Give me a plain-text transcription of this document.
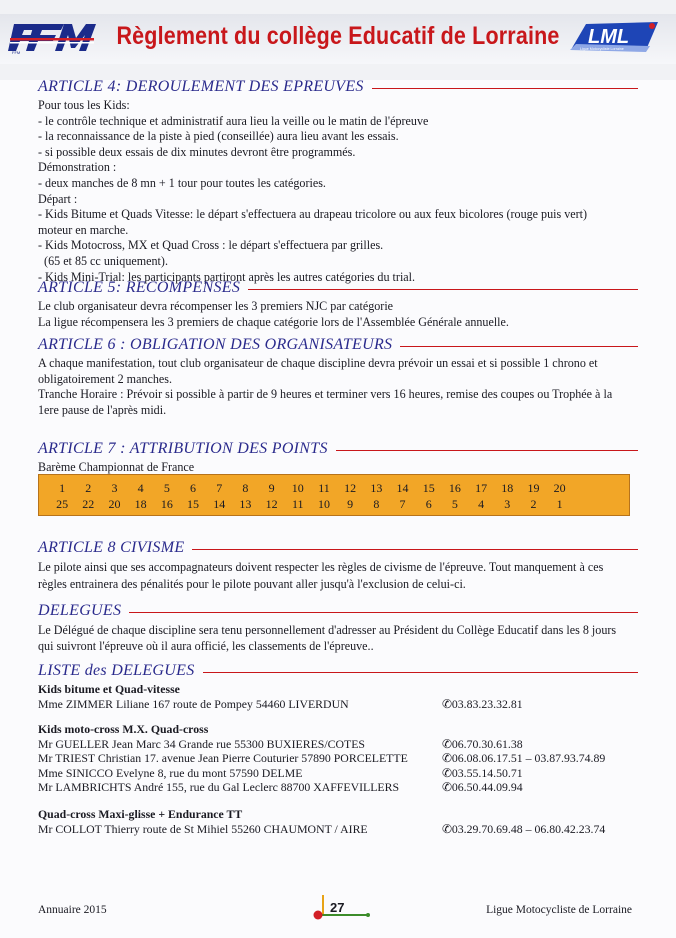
FFM
Règlement du collège Educatif de Lorraine	LML
Ligue Motocycliste Lorraine
ARTICLE 4: DEROULEMENT DES EPREUVES
Pour tous les Kids:
- le contrôle technique et administratif aura lieu la veille ou le matin de l'épreuve
- la reconnaissance de la piste à pied (conseillée) aura lieu avant les essais.
- si possible deux essais de dix minutes devront être programmés.
Démonstration :
- deux manches de 8 mn + 1 tour pour toutes les catégories.
Départ :
- Kids Bitume et Quads Vitesse: le départ s'effectuera au drapeau tricolore ou aux feux bicolores (rouge puis vert)
moteur en marche.
- Kids Motocross, MX et Quad Cross : le départ s'effectuera par grilles.
(65 et 85 cc uniquement).
- Kids Mini-Trial: les participants partiront après les autres catégories du trial.
ARTICLE 5: RECOMPENSES
Le club organisateur devra récompenser les 3 premiers NJC par catégorie
La ligue récompensera les 3 premiers de chaque catégorie lors de l'Assemblée Générale annuelle.
ARTICLE 6 : OBLIGATION DES ORGANISATEURS
A chaque manifestation, tout club organisateur de chaque discipline devra prévoir un essai et si possible 1 chrono et
obligatoirement 2 manches.
Tranche Horaire : Prévoir si possible à partir de 9 heures et terminer vers 16 heures, remise des coupes ou Trophée à la
1ere pause de l'après midi.
ARTICLE 7 : ATTRIBUTION DES POINTS
Barème Championnat de France
1	2	3	4	5	6	7	8	9	10	11	12	13	14	15	16	17	18	19	20
25	22	20	18	16	15	14	13	12	11	10	9	8	7	6	5	4	3	2	1
ARTICLE 8 CIVISME
Le pilote ainsi que ses accompagnateurs doivent respecter les règles de civisme de l'épreuve. Tout manquement à ces
règles entrainera des pénalités pour le pilote pouvant aller jusqu'à l'exclusion de celui-ci.
DELEGUES
Le Délégué de chaque discipline sera tenu personnellement d'adresser au Président du Collège Educatif dans les 8 jours
qui suivront l'épreuve où il aura officié, les classements de l'épreuve..
LISTE des DELEGUES
Kids bitume et Quad-vitesse
Mme ZIMMER Liliane 167 route de Pompey 54460 LIVERDUN	✆03.83.23.32.81
Kids moto-cross M.X. Quad-cross
Mr GUELLER Jean Marc 34 Grande rue 55300 BUXIERES/COTES	✆06.70.30.61.38
Mr TRIEST Christian 17. avenue Jean Pierre Couturier 57890 PORCELETTE	✆06.08.06.17.51 – 03.87.93.74.89
Mme SINICCO Evelyne 8, rue du mont 57590 DELME	✆03.55.14.50.71
Mr LAMBRICHTS André 155, rue du Gal Leclerc 88700 XAFFEVILLERS	✆06.50.44.09.94
Quad-cross Maxi-glisse + Endurance TT
Mr COLLOT Thierry route de St Mihiel 55260 CHAUMONT / AIRE	✆03.29.70.69.48 – 06.80.42.23.74
Annuaire 2015	27	Ligue Motocycliste de Lorraine
